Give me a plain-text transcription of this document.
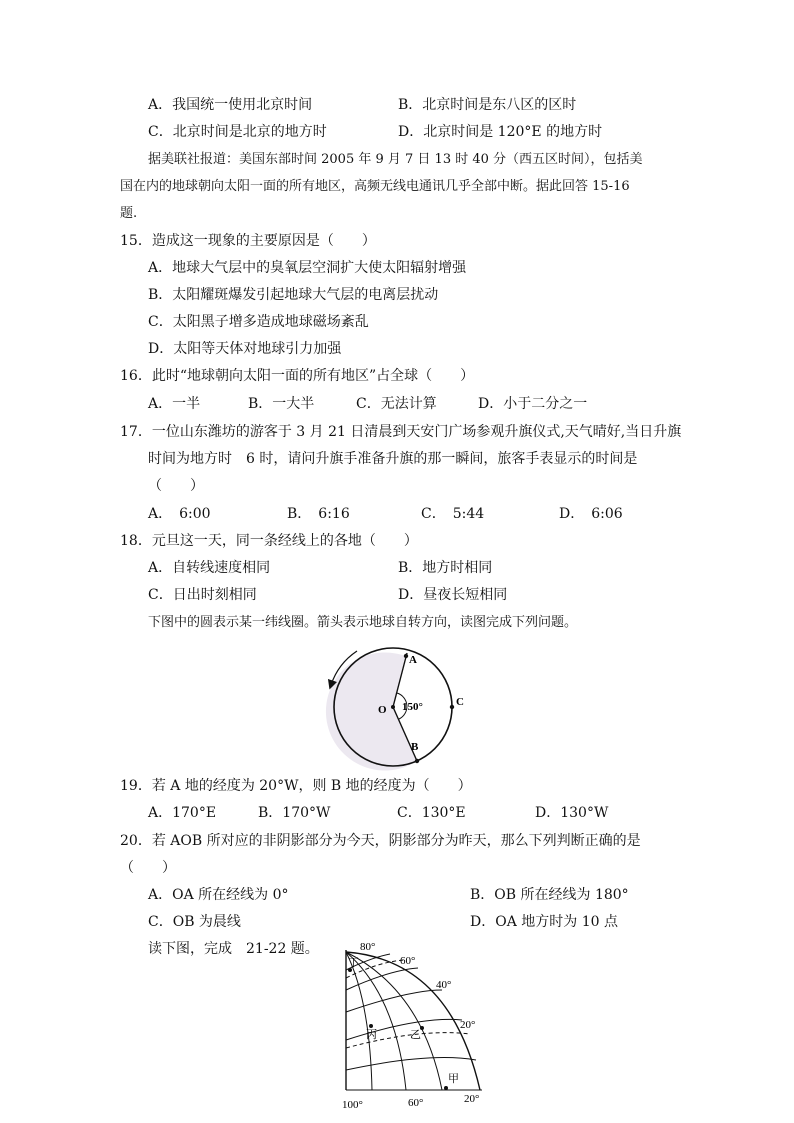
A．我国统一使用北京时间	B．北京时间是东八区的区时
C．北京时间是北京的地方时	D．北京时间是 120°E 的地方时
据美联社报道：美国东部时间 2005 年 9 月 7 日 13 时 40 分（西五区时间），包括美
国在内的地球朝向太阳一面的所有地区，高频无线电通讯几乎全部中断。据此回答 15-16
题.
15．造成这一现象的主要原因是（　　）
A．地球大气层中的臭氧层空洞扩大使太阳辐射增强
B．太阳耀斑爆发引起地球大气层的电离层扰动
C．太阳黑子增多造成地球磁场紊乱
D．太阳等天体对地球引力加强
16．此时“地球朝向太阳一面的所有地区”占全球（　　）
A．一半	B．一大半	C．无法计算	D．小于二分之一
17．一位山东潍坊的游客于 3 月 21 日清晨到天安门广场参观升旗仪式,天气晴好,当日升旗
时间为地方时　6 时，请问升旗手准备升旗的那一瞬间，旅客手表显示的时间是
（　　）
A．　6:00	B．　6:16	C．　5:44	D．　6:06
18．元旦这一天，同一条经线上的各地（　　）
A．自转线速度相同	B．地方时相同
C．日出时刻相同	D．昼夜长短相同
下图中的圆表示某一纬线圈。箭头表示地球自转方向，读图完成下列问题。
A
B
C
O 150°
19．若 A 地的经度为 20°W，则 B 地的经度为（　　）
A．170°E	B．170°W	C．130°E	D．130°W
20．若 AOB 所对应的非阴影部分为今天，阴影部分为昨天，那么下列判断正确的是
（　　）
A．OA 所在经线为 0°	B．OB 所在经线为 180°
C．OB 为晨线	D．OA 地方时为 10 点
读下图，完成　21-22 题。	80°
60°
40°
20°
丁
丙	乙
甲
100°	60°	20°
